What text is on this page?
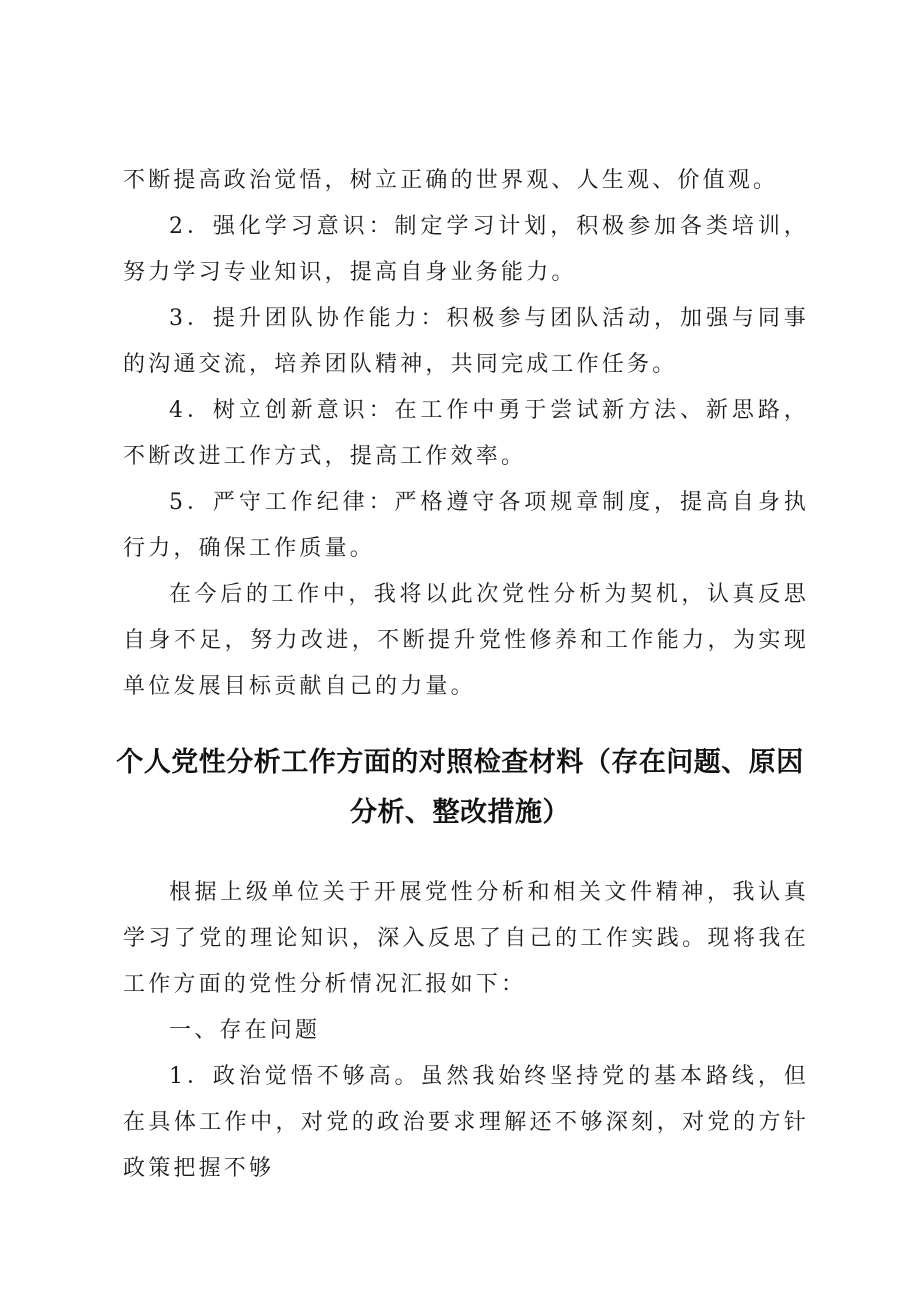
不断提高政治觉悟，树立正确的世界观、人生观、价值观。

2．强化学习意识：制定学习计划，积极参加各类培训，努力学习专业知识，提高自身业务能力。

3．提升团队协作能力：积极参与团队活动，加强与同事的沟通交流，培养团队精神，共同完成工作任务。

4．树立创新意识：在工作中勇于尝试新方法、新思路，不断改进工作方式，提高工作效率。

5．严守工作纪律：严格遵守各项规章制度，提高自身执行力，确保工作质量。

在今后的工作中，我将以此次党性分析为契机，认真反思自身不足，努力改进，不断提升党性修养和工作能力，为实现单位发展目标贡献自己的力量。

个人党性分析工作方面的对照检查材料（存在问题、原因分析、整改措施）

根据上级单位关于开展党性分析和相关文件精神，我认真学习了党的理论知识，深入反思了自己的工作实践。现将我在工作方面的党性分析情况汇报如下：

一、存在问题

1．政治觉悟不够高。虽然我始终坚持党的基本路线，但在具体工作中，对党的政治要求理解还不够深刻，对党的方针政策把握不够
